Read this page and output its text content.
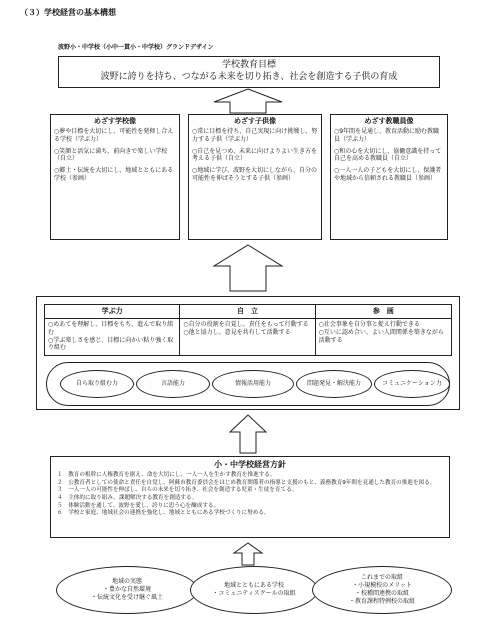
（３）学校経営の基本構想
波野小・中学校（小中一貫小・中学校）グランドデザイン
学校教育目標
波野に誇りを持ち、つながる未来を切り拓き、社会を創造する子供の育成
めざす学校像
○夢や目標を大切にし、可能性を発揮し合える学校（学ぶ力）
○笑顔と活気に満ち、前向きで楽しい学校（自立）
○郷土・伝統を大切にし、地域とともにある学校（参画）
めざす子供像
○常に目標を持ち、自己実現に向け挑戦し、努力する子供（学ぶ力）
○自己を見つめ、未来に向けよりよい生き方を考える子供（自立）
○地域に学び、波野を大切にしながら、自分の可能性を伸ばそうとする子供（参画）
めざす教職員像
○9年間を見通し、教育活動に励む教職員（学ぶ力）
○和の心を大切にし、協働意識を持って自己を高める教職員（自立）
○一人一人の子どもを大切にし、保護者や地域から信頼される教職員（参画）
学ぶ力
○めあてを理解し、目標をもち、進んで取り組む
○学ぶ楽しさを感じ、目標に向かい粘り強く取り組む
自　立
○自分の役割を自覚し、責任をもって行動する
○他と協力し、意見を共有して活動する
参　画
○社会事象を自分事と捉え行動できる
○互いに認め合い、よい人間関係を築きながら活動する
自ら取り組む力	言語能力	情報活用能力	問題発見・解決能力	コミュニケーション力
小・中学校経営方針
１　教育の根幹に人権教育を据え、命を大切にし、一人一人を生かす教育を推進する。
２　公教育者としての使命と責任を自覚し、阿蘇市教育委員会をはじめ教育関係者の指導と支援のもと、義務教育9年間を見通した教育の推進を図る。
３　一人一人の可能性を伸ばし、自らの未来を切り拓き、社会を創造する児童・生徒を育てる。
４　主体的に取り組み、課題解決する教育を創造する。
５　体験活動を通して、波野を愛し、誇りに思う心を醸成する。
６　学校と家庭、地域社会の連携を強化し、地域とともにある学校づくりに努める。
地域の実態
・豊かな自然環境
・伝統文化を受け継ぐ風土
地域とともにある学校
・コミュニティスクールの取組
これまでの取組
・小規模校のメリット
・校種間連携の取組
・教育課程特例校の取組
